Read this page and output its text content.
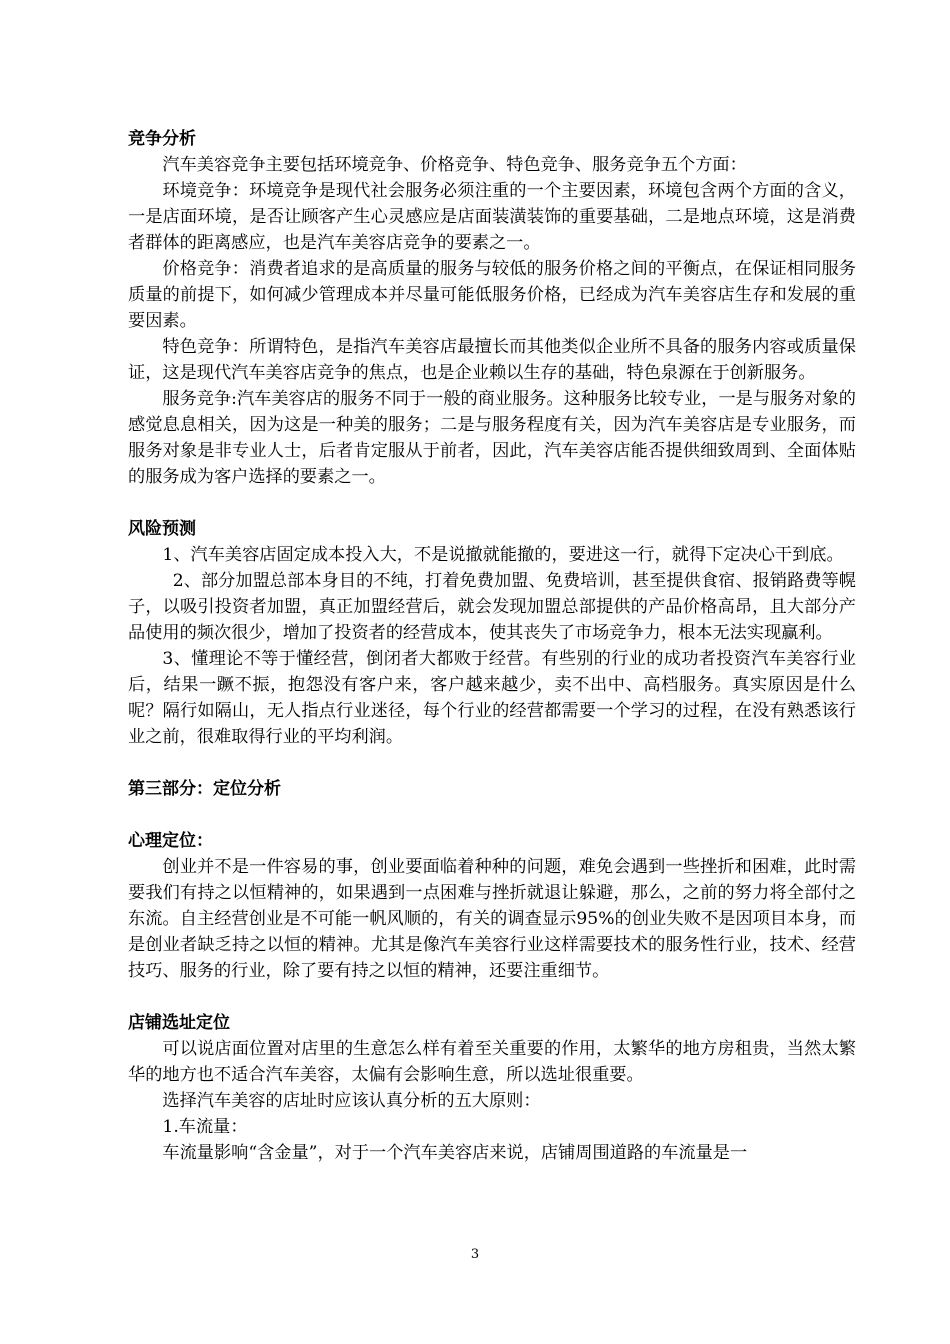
竞争分析

汽车美容竞争主要包括环境竞争、价格竞争、特色竞争、服务竞争五个方面：

环境竞争：环境竞争是现代社会服务必须注重的一个主要因素，环境包含两个方面的含义，一是店面环境，是否让顾客产生心灵感应是店面装潢装饰的重要基础，二是地点环境，这是消费者群体的距离感应，也是汽车美容店竞争的要素之一。

价格竞争：消费者追求的是高质量的服务与较低的服务价格之间的平衡点，在保证相同服务质量的前提下，如何减少管理成本并尽量可能低服务价格，已经成为汽车美容店生存和发展的重要因素。

特色竞争：所谓特色，是指汽车美容店最擅长而其他类似企业所不具备的服务内容或质量保证，这是现代汽车美容店竞争的焦点，也是企业赖以生存的基础，特色泉源在于创新服务。

服务竞争:汽车美容店的服务不同于一般的商业服务。这种服务比较专业，一是与服务对象的感觉息息相关，因为这是一种美的服务；二是与服务程度有关，因为汽车美容店是专业服务，而服务对象是非专业人士，后者肯定服从于前者，因此，汽车美容店能否提供细致周到、全面体贴的服务成为客户选择的要素之一。

风险预测

1、汽车美容店固定成本投入大，不是说撤就能撤的，要进这一行，就得下定决心干到底。

2、部分加盟总部本身目的不纯，打着免费加盟、免费培训，甚至提供食宿、报销路费等幌子，以吸引投资者加盟，真正加盟经营后，就会发现加盟总部提供的产品价格高昂，且大部分产品使用的频次很少，增加了投资者的经营成本，使其丧失了市场竞争力，根本无法实现赢利。

3、懂理论不等于懂经营，倒闭者大都败于经营。有些别的行业的成功者投资汽车美容行业后，结果一蹶不振，抱怨没有客户来，客户越来越少，卖不出中、高档服务。真实原因是什么呢？隔行如隔山，无人指点行业迷径，每个行业的经营都需要一个学习的过程，在没有熟悉该行业之前，很难取得行业的平均利润。

第三部分：定位分析

心理定位：

创业并不是一件容易的事，创业要面临着种种的问题，难免会遇到一些挫折和困难，此时需要我们有持之以恒精神的，如果遇到一点困难与挫折就退让躲避，那么，之前的努力将全部付之东流。自主经营创业是不可能一帆风顺的，有关的调查显示95%的创业失败不是因项目本身，而是创业者缺乏持之以恒的精神。尤其是像汽车美容行业这样需要技术的服务性行业，技术、经营技巧、服务的行业，除了要有持之以恒的精神，还要注重细节。

店铺选址定位

可以说店面位置对店里的生意怎么样有着至关重要的作用，太繁华的地方房租贵，当然太繁华的地方也不适合汽车美容，太偏有会影响生意，所以选址很重要。

选择汽车美容的店址时应该认真分析的五大原则：

1.车流量：

车流量影响“含金量”，对于一个汽车美容店来说，店铺周围道路的车流量是一

3
